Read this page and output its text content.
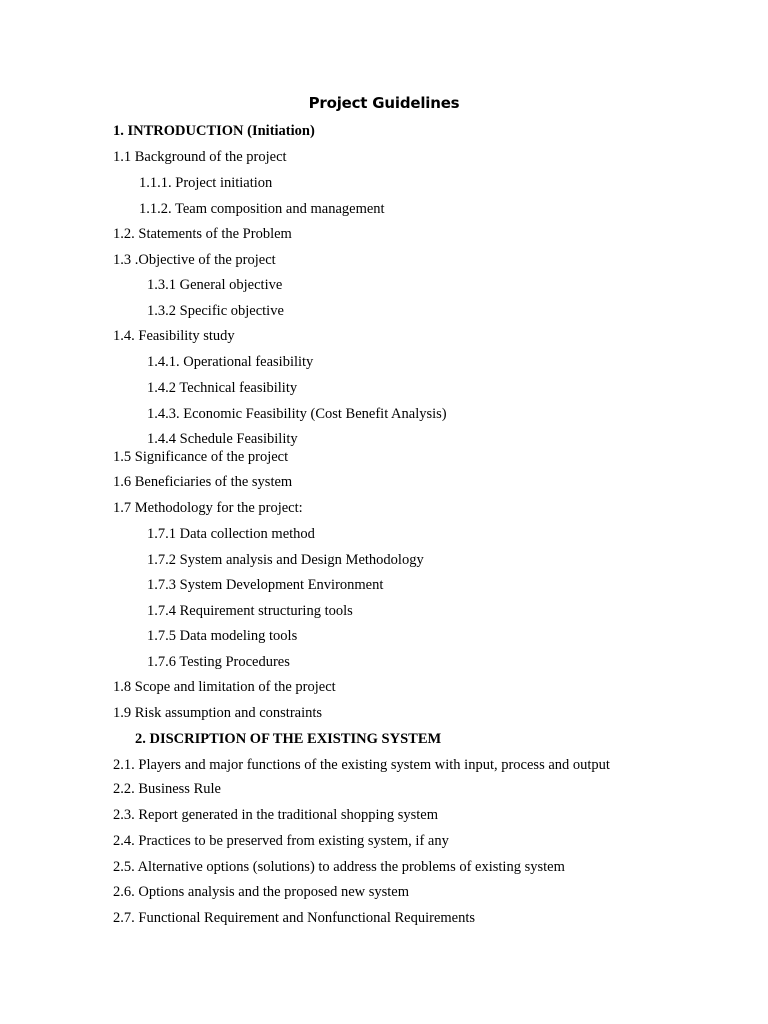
Project Guidelines
1. INTRODUCTION (Initiation)
1.1 Background of the project
1.1.1. Project initiation
1.1.2. Team composition and management
1.2. Statements of the Problem
1.3 .Objective of the project
1.3.1 General objective
1.3.2 Specific objective
1.4. Feasibility study
1.4.1. Operational feasibility
1.4.2 Technical feasibility
1.4.3. Economic Feasibility (Cost Benefit Analysis)
1.4.4 Schedule Feasibility
1.5 Significance of the project
1.6 Beneficiaries of the system
1.7 Methodology for the project:
1.7.1 Data collection method
1.7.2 System analysis and Design Methodology
1.7.3 System Development Environment
1.7.4 Requirement structuring tools
1.7.5 Data modeling tools
1.7.6 Testing Procedures
1.8 Scope and limitation of the project
1.9 Risk assumption and constraints
2. DISCRIPTION OF THE EXISTING SYSTEM
2.1. Players and major functions of the existing system with input, process and output
2.2. Business Rule
2.3. Report generated in the traditional shopping system
2.4. Practices to be preserved from existing system, if any
2.5. Alternative options (solutions) to address the problems of existing system
2.6. Options analysis and the proposed new system
2.7. Functional Requirement and Nonfunctional Requirements
